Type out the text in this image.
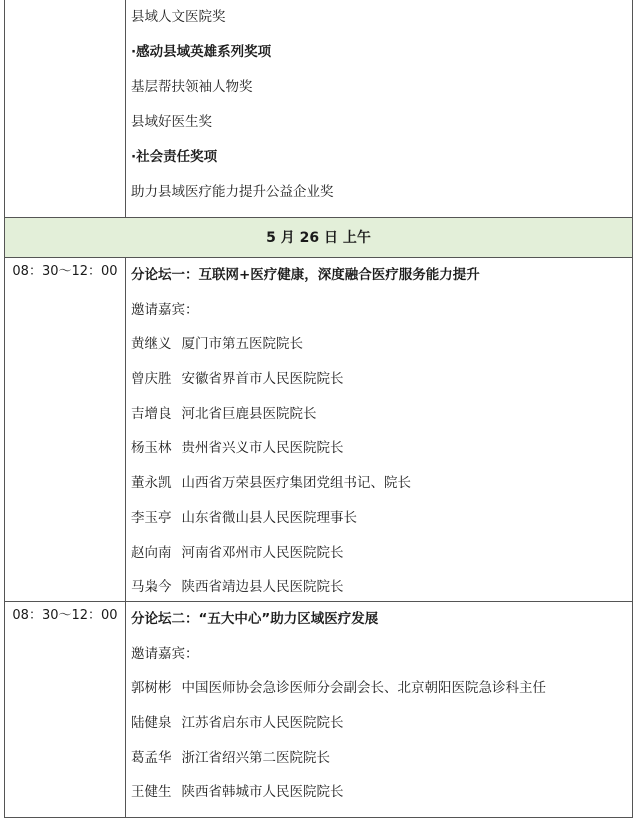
县域人文医院奖
·感动县域英雄系列奖项
基层帮扶领袖人物奖
县域好医生奖
·社会责任奖项
助力县域医疗能力提升公益企业奖
5 月 26 日 上午
08：30～12：00 分论坛一：互联网+医疗健康，深度融合医疗服务能力提升
邀请嘉宾：
黄继义 厦门市第五医院院长
曾庆胜 安徽省界首市人民医院院长
吉增良 河北省巨鹿县医院院长
杨玉林 贵州省兴义市人民医院院长
董永凯 山西省万荣县医疗集团党组书记、院长
李玉亭 山东省微山县人民医院理事长
赵向南 河南省邓州市人民医院院长
马枭今 陕西省靖边县人民医院院长
08：30～12：00 分论坛二：“五大中心”助力区域医疗发展
邀请嘉宾：
郭树彬 中国医师协会急诊医师分会副会长、北京朝阳医院急诊科主任
陆健泉 江苏省启东市人民医院院长
葛孟华 浙江省绍兴第二医院院长
王健生 陕西省韩城市人民医院院长
